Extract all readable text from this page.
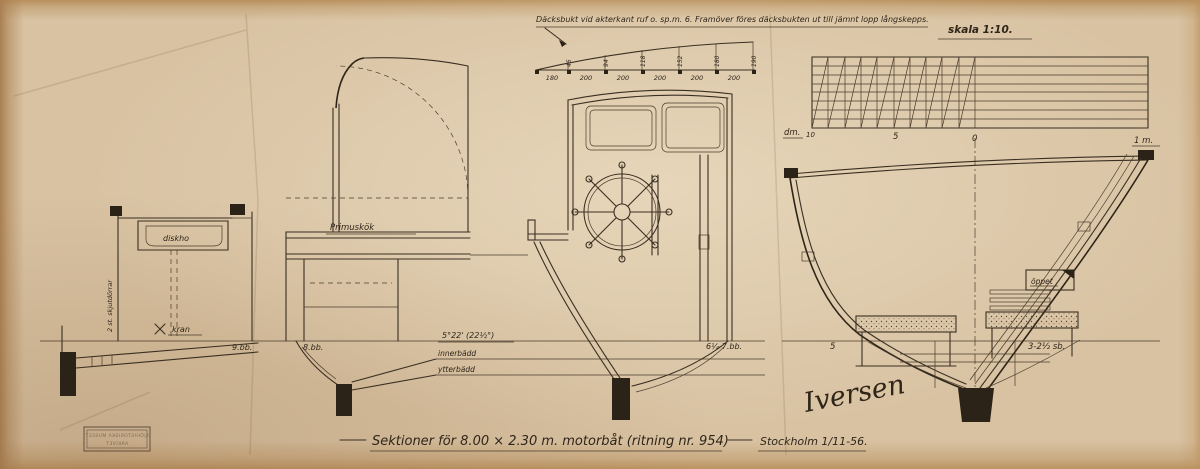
Däcksbukt vid akterkant ruf o. sp.m. 6. Framöver föres däcksbukten ut till jämnt lopp långskepps.
45	94	118	152	180	190
180	200	200	200	200	200
skala 1:10.
dm. 10	5	0	1 m.
diskho
kran
2 st. skjutdörrar
9.bb.
Primuskök
8.bb.	6¼-7.bb.
5°22' (22½°)
innerbädd
ytterbädd
öppet
5	3-2½ sb.
Iversen
Sektioner för 8.00 × 2.30 m. motorbåt (ritning nr. 954)	Stockholm 1/11-56.
SJÖHISTORISKA MUSEET
ARKIVET
